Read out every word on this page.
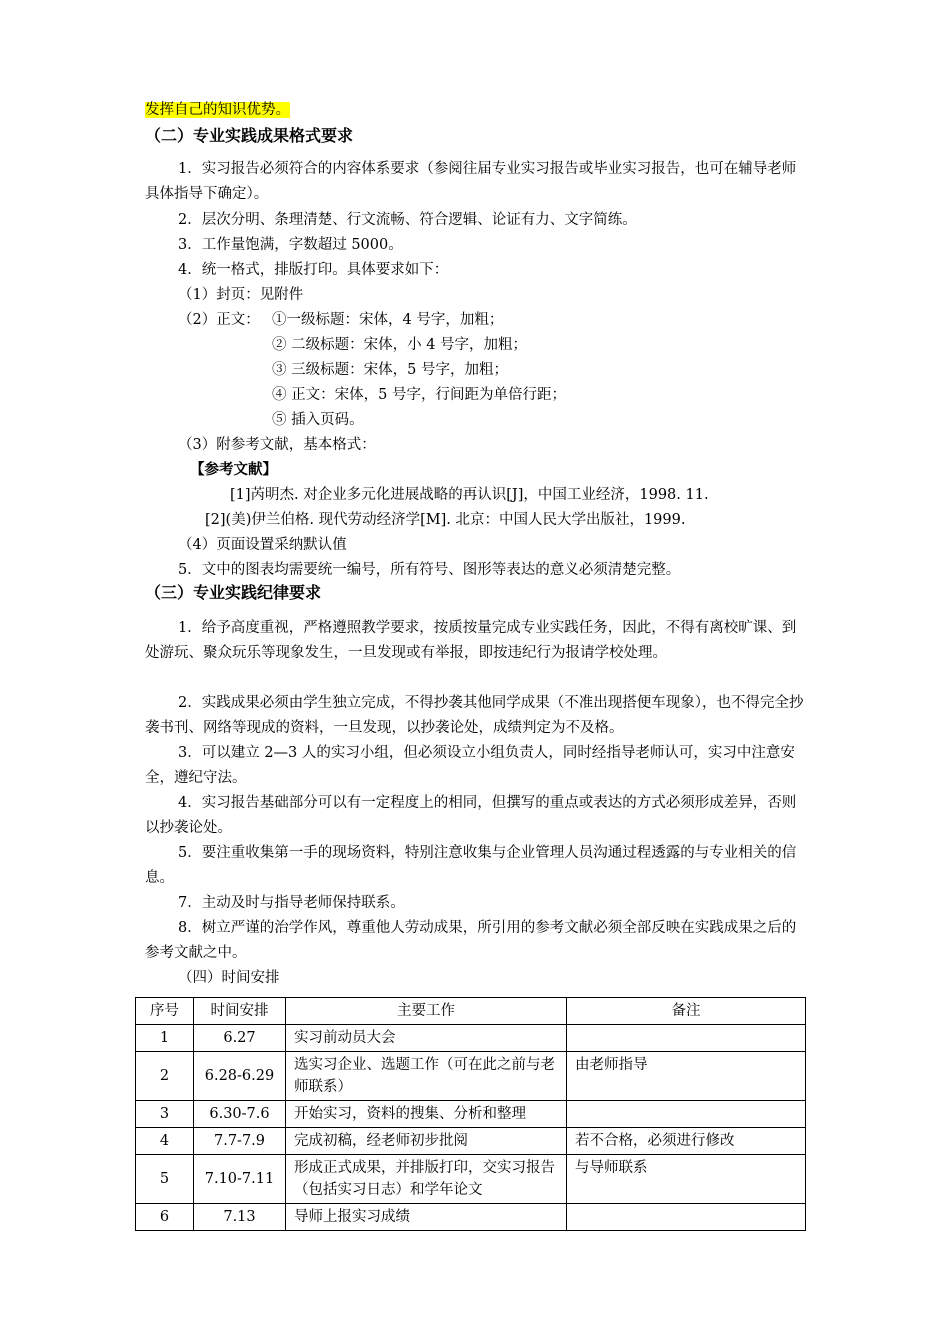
发挥自己的知识优势。
（二）专业实践成果格式要求
1．实习报告必须符合的内容体系要求（参阅往届专业实习报告或毕业实习报告，也可在辅导老师具体指导下确定）。
2．层次分明、条理清楚、行文流畅、符合逻辑、论证有力、文字简练。
3．工作量饱满，字数超过 5000。
4．统一格式，排版打印。具体要求如下：
（1）封页：见附件
（2）正文： ①一级标题：宋体，4 号字，加粗；
② 二级标题：宋体，小 4 号字，加粗；
③ 三级标题：宋体，5 号字，加粗；
④ 正文：宋体，5 号字，行间距为单倍行距；
⑤ 插入页码。
（3）附参考文献，基本格式：
【参考文献】
[1]芮明杰. 对企业多元化进展战略的再认识[J]，中国工业经济，1998. 11.
[2](美)伊兰伯格. 现代劳动经济学[M]. 北京：中国人民大学出版社，1999.
（4）页面设置采纳默认值
5．文中的图表均需要统一编号，所有符号、图形等表达的意义必须清楚完整。
（三）专业实践纪律要求
1．给予高度重视，严格遵照教学要求，按质按量完成专业实践任务，因此，不得有离校旷课、到处游玩、聚众玩乐等现象发生，一旦发现或有举报，即按违纪行为报请学校处理。
2．实践成果必须由学生独立完成，不得抄袭其他同学成果（不准出现搭便车现象），也不得完全抄袭书刊、网络等现成的资料，一旦发现，以抄袭论处，成绩判定为不及格。
3．可以建立 2—3 人的实习小组，但必须设立小组负责人，同时经指导老师认可，实习中注意安全，遵纪守法。
4．实习报告基础部分可以有一定程度上的相同，但撰写的重点或表达的方式必须形成差异，否则以抄袭论处。
5．要注重收集第一手的现场资料，特别注意收集与企业管理人员沟通过程透露的与专业相关的信息。
7．主动及时与指导老师保持联系。
8．树立严谨的治学作风，尊重他人劳动成果，所引用的参考文献必须全部反映在实践成果之后的参考文献之中。
（四）时间安排
序号	时间安排	主要工作	备注
1	6.27	实习前动员大会	
2	6.28-6.29	选实习企业、选题工作（可在此之前与老师联系）	由老师指导
3	6.30-7.6	开始实习，资料的搜集、分析和整理	
4	7.7-7.9	完成初稿，经老师初步批阅	若不合格，必须进行修改
5	7.10-7.11	形成正式成果，并排版打印，交实习报告（包括实习日志）和学年论文	与导师联系
6	7.13	导师上报实习成绩	
